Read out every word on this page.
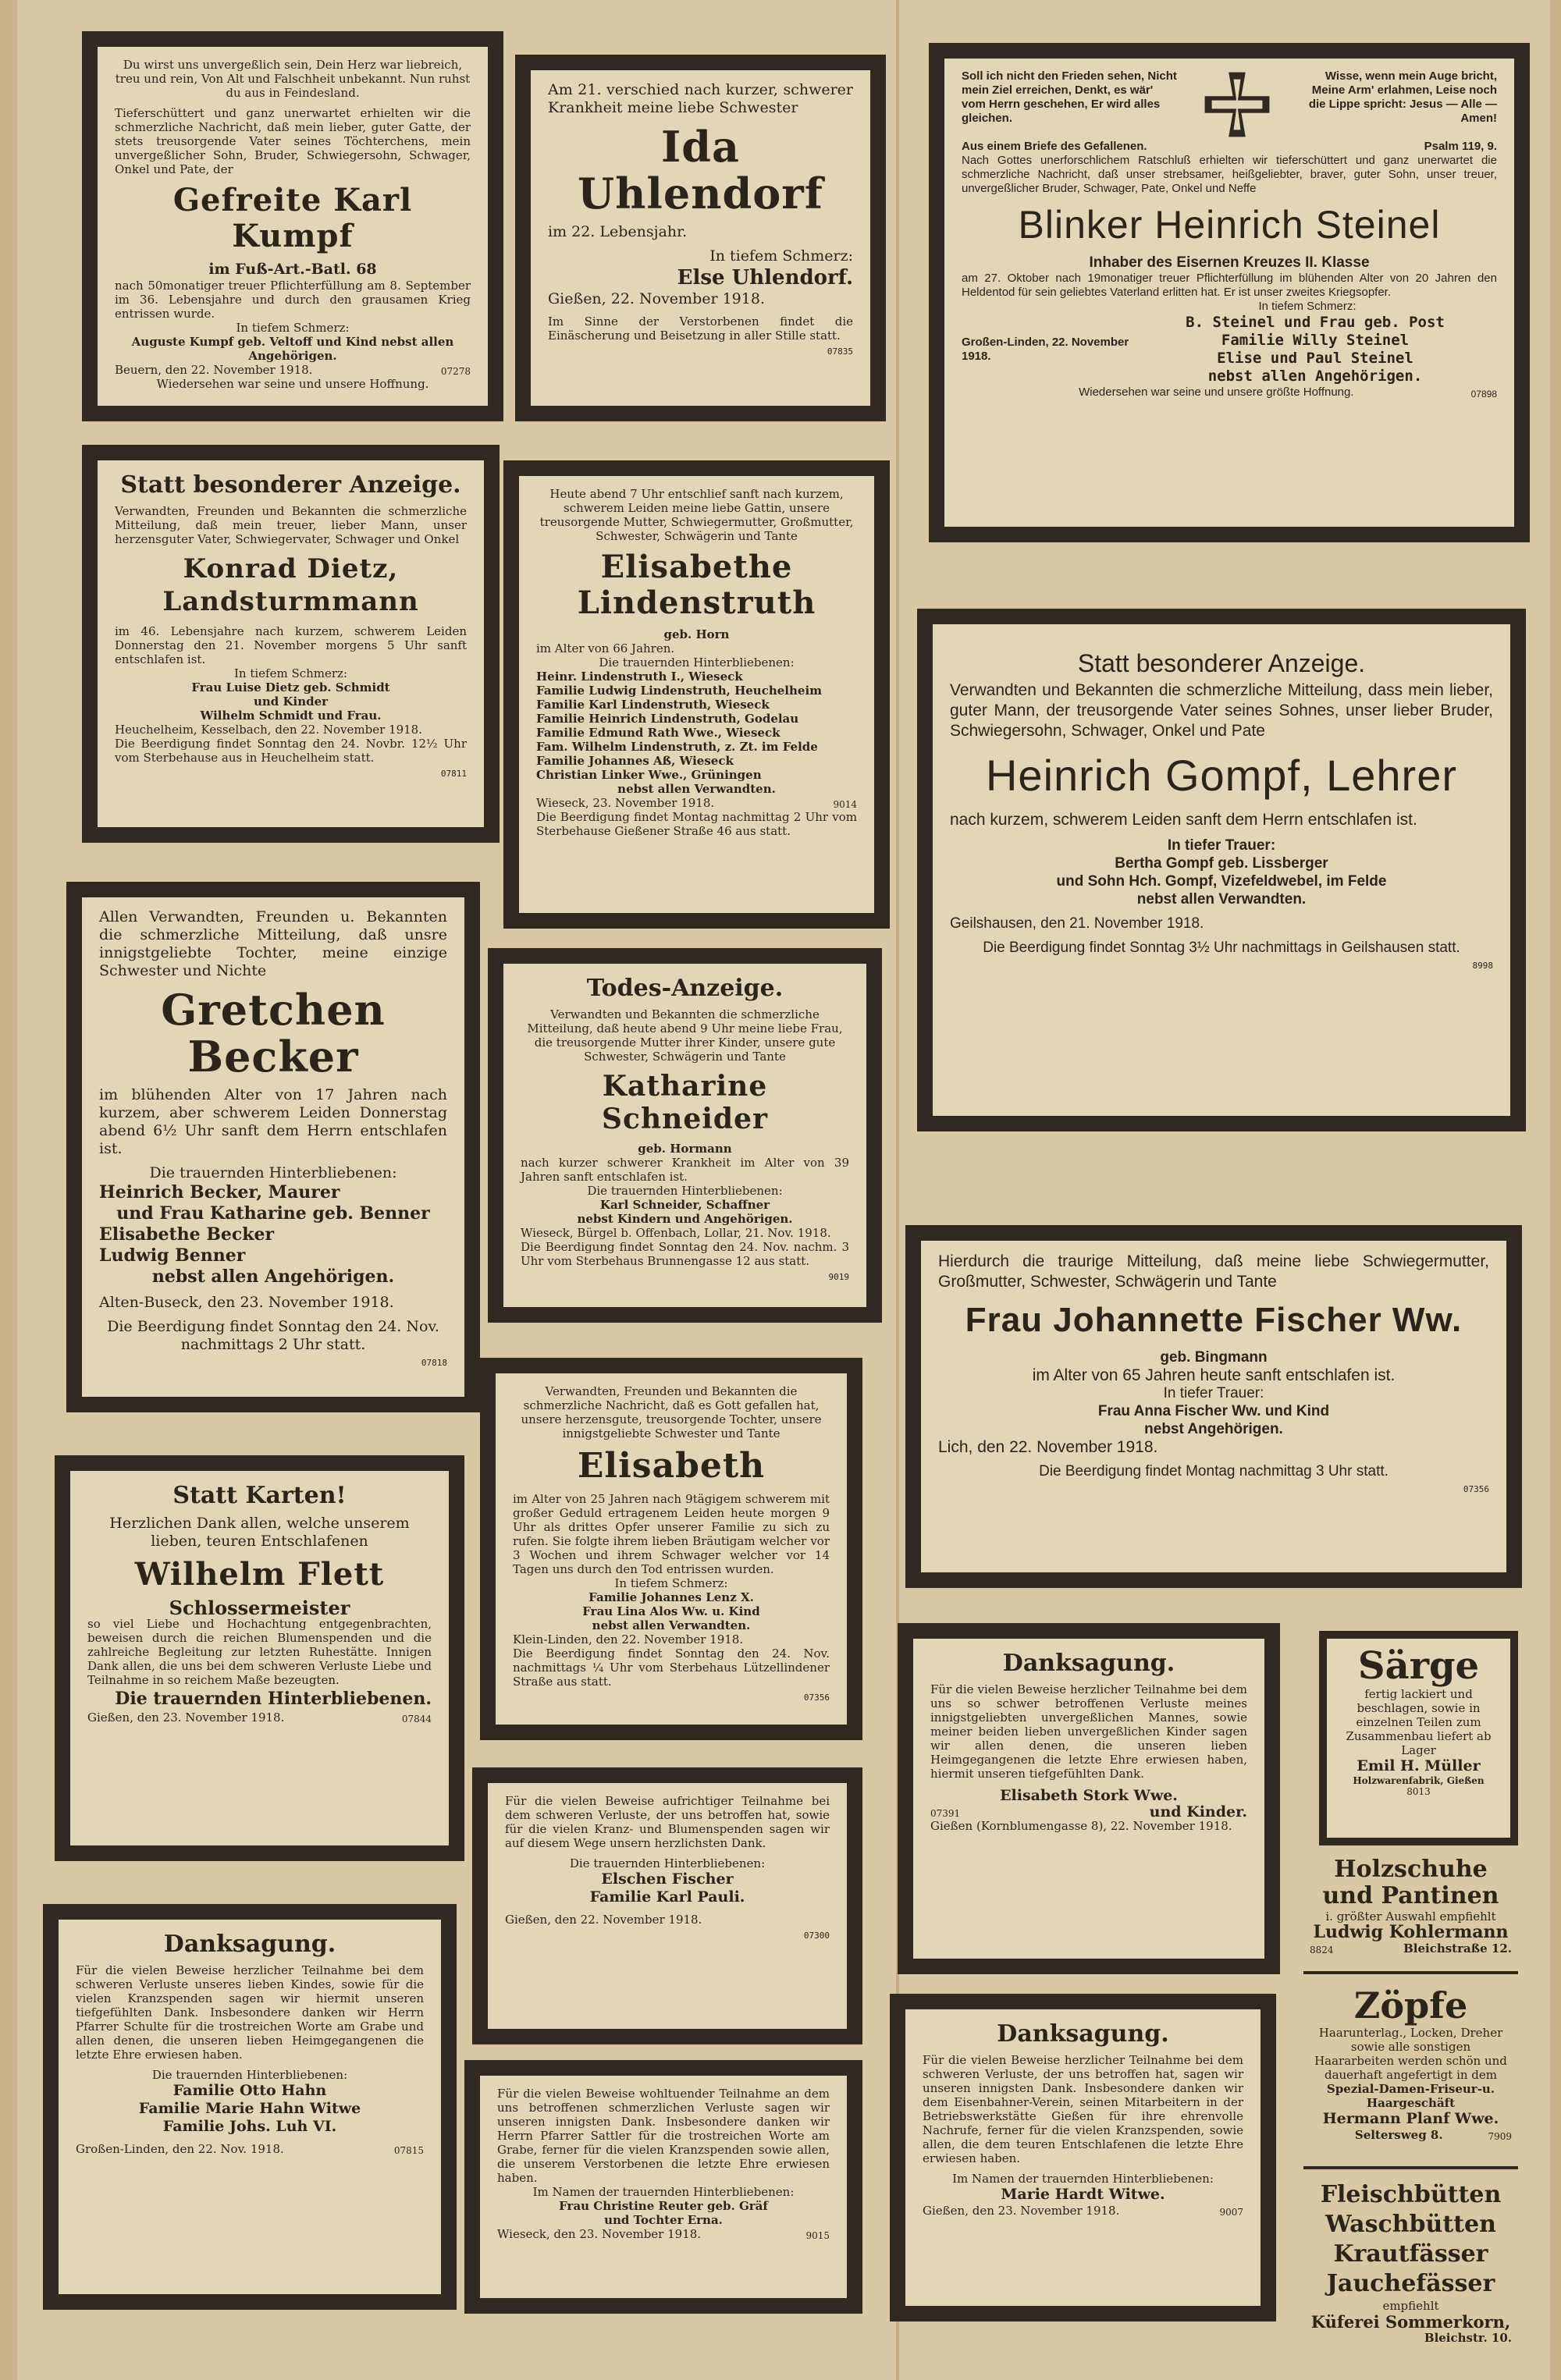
Du wirst uns unvergeßlich sein, Dein Herz war liebreich, treu und rein, Von Alt und Falschheit unbekannt. Nun ruhst du aus in Feindesland.
Tieferschüttert und ganz unerwartet erhielten wir die schmerzliche Nachricht, daß mein lieber, guter Gatte, der stets treusorgende Vater seines Töchterchens, mein unvergeßlicher Sohn, Bruder, Schwiegersohn, Schwager, Onkel und Pate, der
Gefreite Karl Kumpf
im Fuß-Art.-Batl. 68
nach 50monatiger treuer Pflichterfüllung am 8. September im 36. Lebensjahre und durch den grausamen Krieg entrissen wurde.
In tiefem Schmerz:
Auguste Kumpf geb. Veltoff und Kind nebst allen Angehörigen.
Beuern, den 22. November 1918.	07278
Wiedersehen war seine und unsere Hoffnung.
Statt besonderer Anzeige.
Verwandten, Freunden und Bekannten die schmerzliche Mitteilung, daß mein treuer, lieber Mann, unser herzensguter Vater, Schwiegervater, Schwager und Onkel
Konrad Dietz, Landsturmmann
im 46. Lebensjahre nach kurzem, schwerem Leiden Donnerstag den 21. November morgens 5 Uhr sanft entschlafen ist.
In tiefem Schmerz:
Frau Luise Dietz geb. Schmidt
und Kinder
Wilhelm Schmidt und Frau.
Heuchelheim, Kesselbach, den 22. November 1918.
Die Beerdigung findet Sonntag den 24. Novbr. 12½ Uhr vom Sterbehause aus in Heuchelheim statt.
07811
Allen Verwandten, Freunden u. Bekannten die schmerzliche Mitteilung, daß unsre innigstgeliebte Tochter, meine einzige Schwester und Nichte
Gretchen Becker
im blühenden Alter von 17 Jahren nach kurzem, aber schwerem Leiden Donnerstag abend 6½ Uhr sanft dem Herrn entschlafen ist.
Die trauernden Hinterbliebenen:
Heinrich Becker, Maurer
und Frau Katharine geb. Benner
Elisabethe Becker
Ludwig Benner
nebst allen Angehörigen.
Alten-Buseck, den 23. November 1918.
Die Beerdigung findet Sonntag den 24. Nov. nachmittags 2 Uhr statt.
07818
Statt Karten!
Herzlichen Dank allen, welche unserem lieben, teuren Entschlafenen
Wilhelm Flett
Schlossermeister
so viel Liebe und Hochachtung entgegenbrachten, beweisen durch die reichen Blumenspenden und die zahlreiche Begleitung zur letzten Ruhestätte. Innigen Dank allen, die uns bei dem schweren Verluste Liebe und Teilnahme in so reichem Maße bezeugten.
Die trauernden Hinterbliebenen.
Gießen, den 23. November 1918.	07844
Danksagung.
Für die vielen Beweise herzlicher Teilnahme bei dem schweren Verluste unseres lieben Kindes, sowie für die vielen Kranzspenden sagen wir hiermit unseren tiefgefühlten Dank. Insbesondere danken wir Herrn Pfarrer Schulte für die trostreichen Worte am Grabe und allen denen, die unseren lieben Heimgegangenen die letzte Ehre erwiesen haben.
Die trauernden Hinterbliebenen:
Familie Otto Hahn
Familie Marie Hahn Witwe
Familie Johs. Luh VI.
Großen-Linden, den 22. Nov. 1918.	07815
Am 21. verschied nach kurzer, schwerer Krankheit meine liebe Schwester
Ida Uhlendorf
im 22. Lebensjahr.
In tiefem Schmerz:
Else Uhlendorf.
Gießen, 22. November 1918.
Im Sinne der Verstorbenen findet die Einäscherung und Beisetzung in aller Stille statt.
07835
Heute abend 7 Uhr entschlief sanft nach kurzem, schwerem Leiden meine liebe Gattin, unsere treusorgende Mutter, Schwiegermutter, Großmutter, Schwester, Schwägerin und Tante
Elisabethe Lindenstruth
geb. Horn
im Alter von 66 Jahren.
Die trauernden Hinterbliebenen:
Heinr. Lindenstruth I., Wieseck
Familie Ludwig Lindenstruth, Heuchelheim
Familie Karl Lindenstruth, Wieseck
Familie Heinrich Lindenstruth, Godelau
Familie Edmund Rath Wwe., Wieseck
Fam. Wilhelm Lindenstruth, z. Zt. im Felde
Familie Johannes Aß, Wieseck
Christian Linker Wwe., Grüningen
nebst allen Verwandten.
Wieseck, 23. November 1918.	9014
Die Beerdigung findet Montag nachmittag 2 Uhr vom Sterbehause Gießener Straße 46 aus statt.
Todes-Anzeige.
Verwandten und Bekannten die schmerzliche Mitteilung, daß heute abend 9 Uhr meine liebe Frau, die treusorgende Mutter ihrer Kinder, unsere gute Schwester, Schwägerin und Tante
Katharine Schneider
geb. Hormann
nach kurzer schwerer Krankheit im Alter von 39 Jahren sanft entschlafen ist.
Die trauernden Hinterbliebenen:
Karl Schneider, Schaffner
nebst Kindern und Angehörigen.
Wieseck, Bürgel b. Offenbach, Lollar, 21. Nov. 1918.
Die Beerdigung findet Sonntag den 24. Nov. nachm. 3 Uhr vom Sterbehaus Brunnengasse 12 aus statt.
9019
Verwandten, Freunden und Bekannten die schmerzliche Nachricht, daß es Gott gefallen hat, unsere herzensgute, treusorgende Tochter, unsere innigstgeliebte Schwester und Tante
Elisabeth
im Alter von 25 Jahren nach 9tägigem schwerem mit großer Geduld ertragenem Leiden heute morgen 9 Uhr als drittes Opfer unserer Familie zu sich zu rufen. Sie folgte ihrem lieben Bräutigam welcher vor 3 Wochen und ihrem Schwager welcher vor 14 Tagen uns durch den Tod entrissen wurden.
In tiefem Schmerz:
Familie Johannes Lenz X.
Frau Lina Alos Ww. u. Kind
nebst allen Verwandten.
Klein-Linden, den 22. November 1918.
Die Beerdigung findet Sonntag den 24. Nov. nachmittags ¼ Uhr vom Sterbehaus Lützellindener Straße aus statt.
07356
Für die vielen Beweise aufrichtiger Teilnahme bei dem schweren Verluste, der uns betroffen hat, sowie für die vielen Kranz- und Blumenspenden sagen wir auf diesem Wege unsern herzlichsten Dank.
Die trauernden Hinterbliebenen:
Elschen Fischer
Familie Karl Pauli.
Gießen, den 22. November 1918.
07300
Für die vielen Beweise wohltuender Teilnahme an dem uns betroffenen schmerzlichen Verluste sagen wir unseren innigsten Dank. Insbesondere danken wir Herrn Pfarrer Sattler für die trostreichen Worte am Grabe, ferner für die vielen Kranzspenden sowie allen, die unserem Verstorbenen die letzte Ehre erwiesen haben.
Im Namen der trauernden Hinterbliebenen:
Frau Christine Reuter geb. Gräf
und Tochter Erna.
Wieseck, den 23. November 1918.	9015
Soll ich nicht den Frieden sehen, Nicht mein Ziel erreichen, Denkt, es wär' vom Herrn geschehen, Er wird alles gleichen.
Wisse, wenn mein Auge bricht, Meine Arm' erlahmen, Leise noch die Lippe spricht: Jesus — Alle — Amen!
Aus einem Briefe des Gefallenen.	Psalm 119, 9.
Nach Gottes unerforschlichem Ratschluß erhielten wir tieferschüttert und ganz unerwartet die schmerzliche Nachricht, daß unser strebsamer, heißgeliebter, braver, guter Sohn, unser treuer, unvergeßlicher Bruder, Schwager, Pate, Onkel und Neffe
Blinker Heinrich Steinel
Inhaber des Eisernen Kreuzes II. Klasse
am 27. Oktober nach 19monatiger treuer Pflichterfüllung im blühenden Alter von 20 Jahren den Heldentod für sein geliebtes Vaterland erlitten hat. Er ist unser zweites Kriegsopfer.
In tiefem Schmerz:
Großen-Linden, 22. November 1918.
B. Steinel und Frau geb. Post
Familie Willy Steinel
Elise und Paul Steinel
nebst allen Angehörigen.
Wiedersehen war seine und unsere größte Hoffnung.	07898
Statt besonderer Anzeige.
Verwandten und Bekannten die schmerzliche Mitteilung, dass mein lieber, guter Mann, der treusorgende Vater seines Sohnes, unser lieber Bruder, Schwiegersohn, Schwager, Onkel und Pate
Heinrich Gompf, Lehrer
nach kurzem, schwerem Leiden sanft dem Herrn entschlafen ist.
In tiefer Trauer:
Bertha Gompf geb. Lissberger
und Sohn Hch. Gompf, Vizefeldwebel, im Felde
nebst allen Verwandten.
Geilshausen, den 21. November 1918.
Die Beerdigung findet Sonntag 3½ Uhr nachmittags in Geilshausen statt.
8998
Hierdurch die traurige Mitteilung, daß meine liebe Schwiegermutter, Großmutter, Schwester, Schwägerin und Tante
Frau Johannette Fischer Ww.
geb. Bingmann
im Alter von 65 Jahren heute sanft entschlafen ist.
In tiefer Trauer:
Frau Anna Fischer Ww. und Kind
nebst Angehörigen.
Lich, den 22. November 1918.
Die Beerdigung findet Montag nachmittag 3 Uhr statt.
07356
Danksagung.
Für die vielen Beweise herzlicher Teilnahme bei dem uns so schwer betroffenen Verluste meines innigstgeliebten unvergeßlichen Mannes, sowie meiner beiden lieben unvergeßlichen Kinder sagen wir allen denen, die unseren lieben Heimgegangenen die letzte Ehre erwiesen haben, hiermit unseren tiefgefühlten Dank.
Elisabeth Stork Wwe.
07391	und Kinder.
Gießen (Kornblumengasse 8), 22. November 1918.
Danksagung.
Für die vielen Beweise herzlicher Teilnahme bei dem schweren Verluste, der uns betroffen hat, sagen wir unseren innigsten Dank. Insbesondere danken wir dem Eisenbahner-Verein, seinen Mitarbeitern in der Betriebswerkstätte Gießen für ihre ehrenvolle Nachrufe, ferner für die vielen Kranzspenden, sowie allen, die dem teuren Entschlafenen die letzte Ehre erwiesen haben.
Im Namen der trauernden Hinterbliebenen:
Marie Hardt Witwe.
Gießen, den 23. November 1918.	9007
Särge
fertig lackiert und beschlagen, sowie in einzelnen Teilen zum Zusammenbau liefert ab Lager
Emil H. Müller
Holzwarenfabrik, Gießen
8013
Holzschuhe und Pantinen
i. größter Auswahl empfiehlt
Ludwig Kohlermann
8824	Bleichstraße 12.
Zöpfe
Haarunterlag., Locken, Dreher sowie alle sonstigen Haararbeiten werden schön und dauerhaft angefertigt in dem
Spezial-Damen-Friseur-u. Haargeschäft
Hermann Planf Wwe.
Seltersweg 8.	7909
Fleischbütten
Waschbütten
Krautfässer
Jauchefässer
empfiehlt
Küferei Sommerkorn,
Bleichstr. 10.
